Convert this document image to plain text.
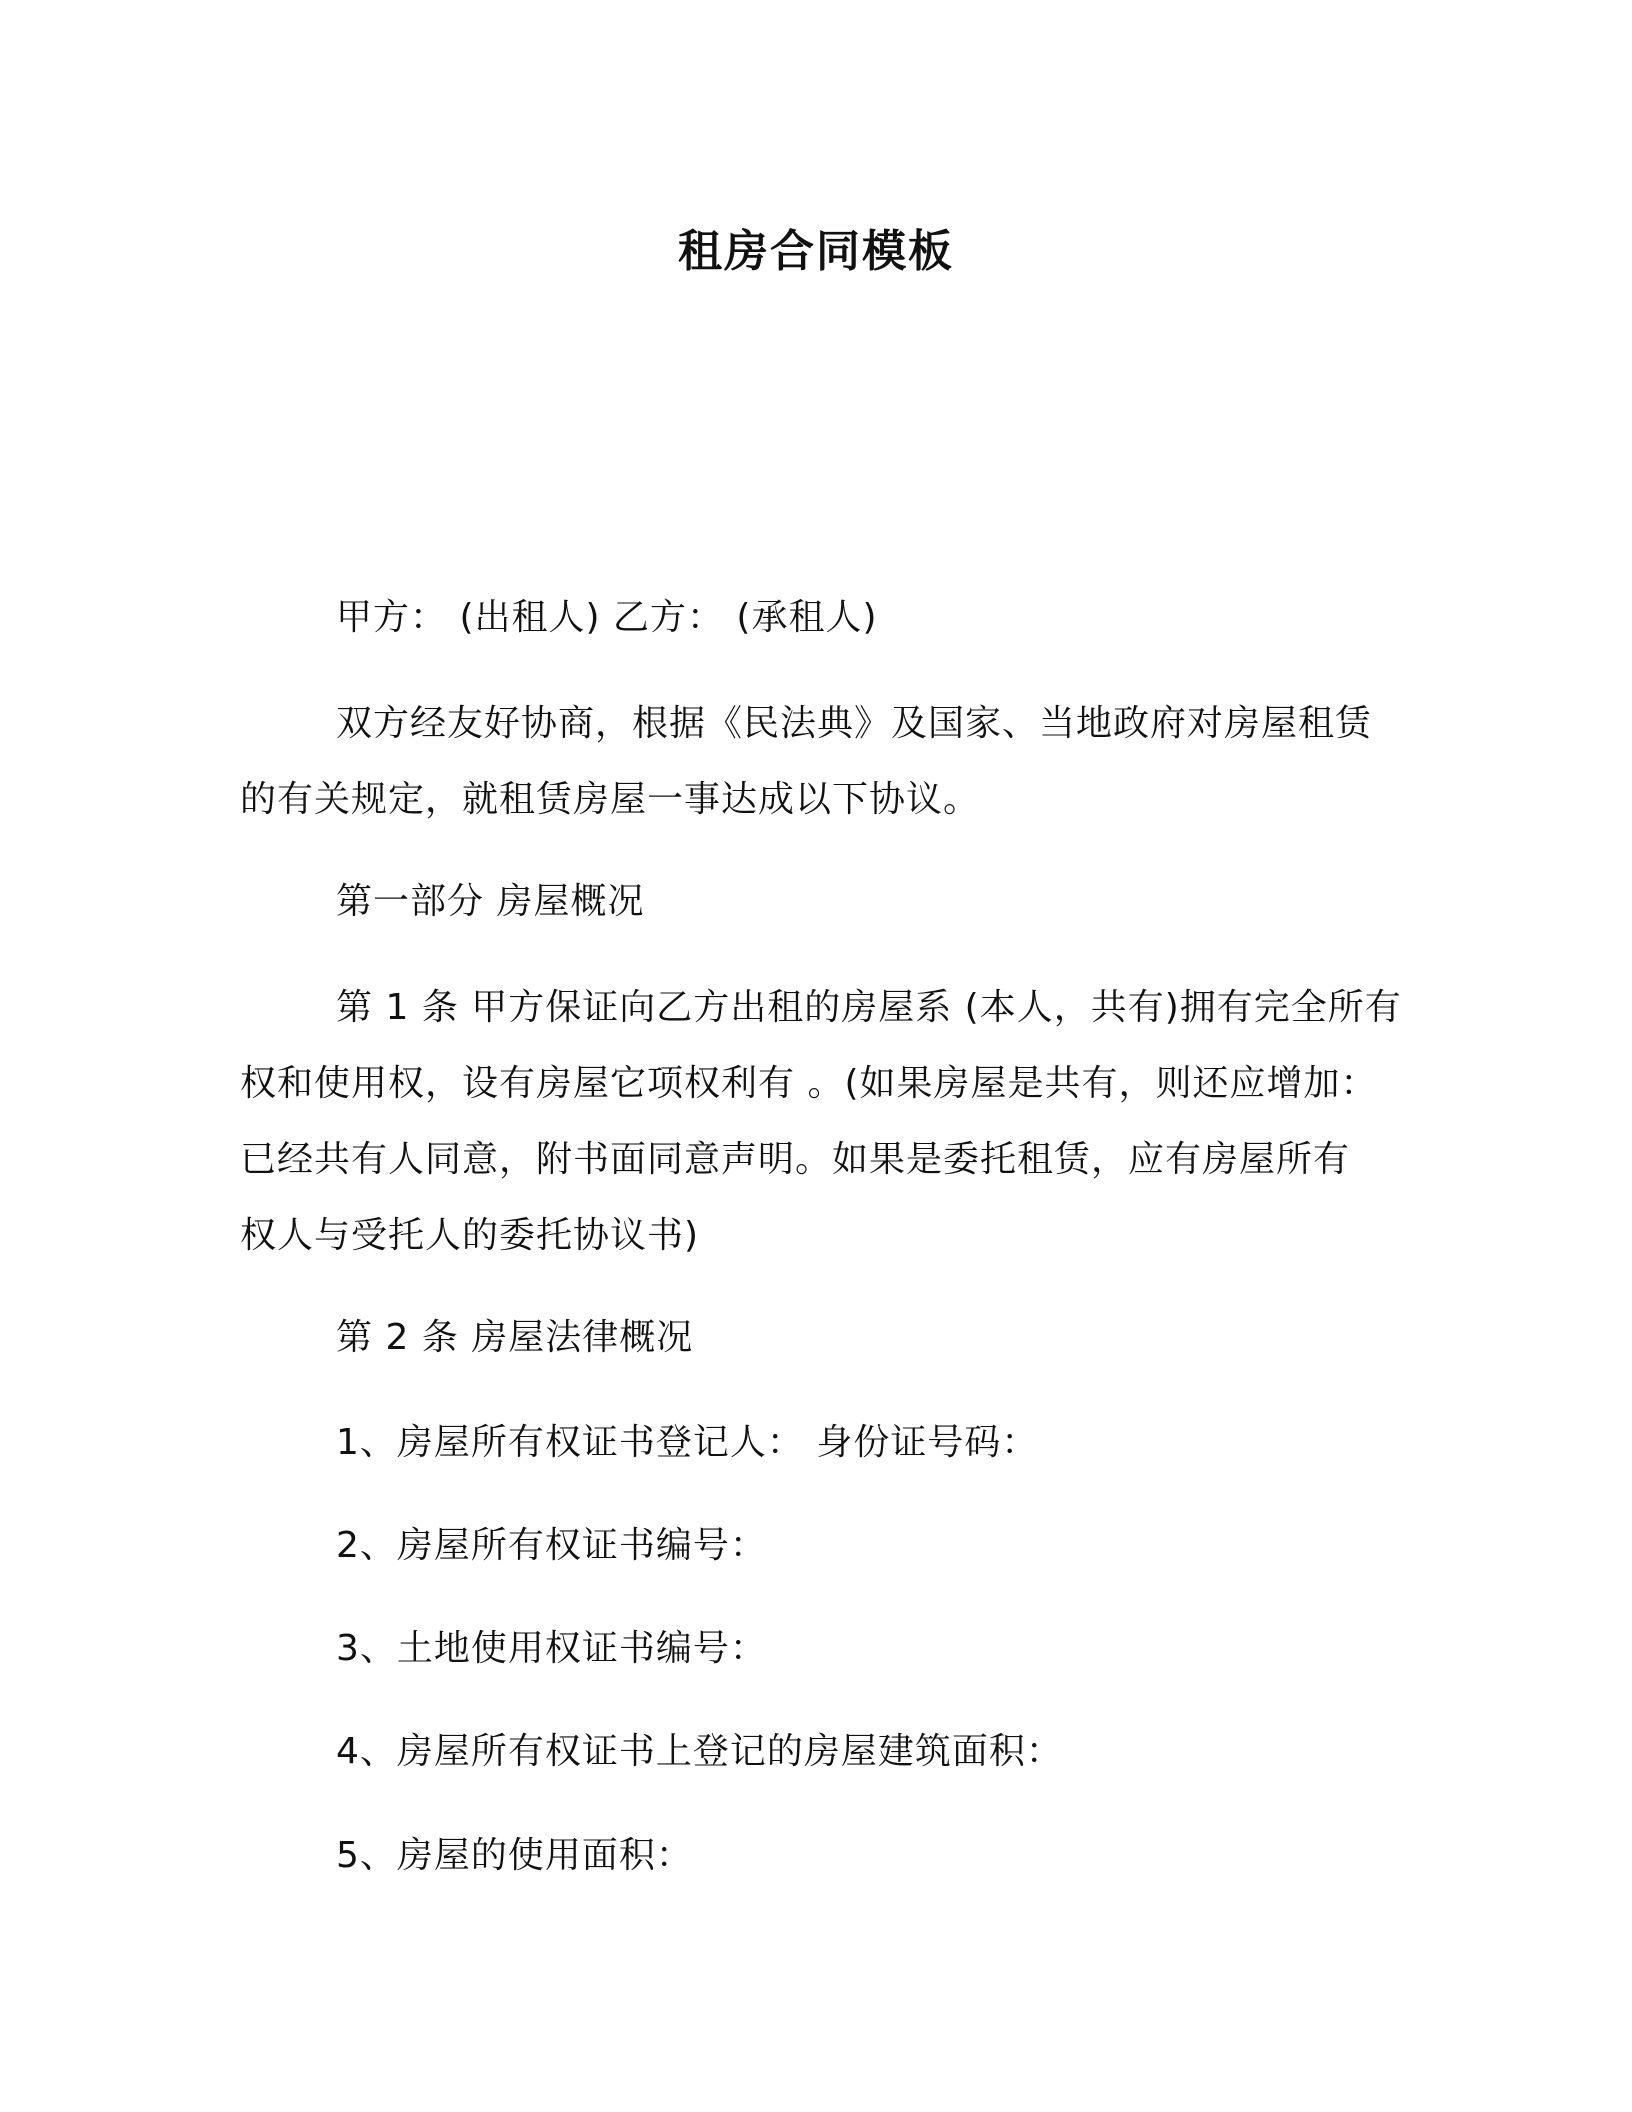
租房合同模板
甲方： (出租人) 乙方： (承租人)
双方经友好协商，根据《民法典》及国家、当地政府对房屋租赁
的有关规定，就租赁房屋一事达成以下协议。
第一部分 房屋概况
第 1 条 甲方保证向乙方出租的房屋系 (本人，共有)拥有完全所有
权和使用权，设有房屋它项权利有 。(如果房屋是共有，则还应增加：
已经共有人同意，附书面同意声明。如果是委托租赁，应有房屋所有
权人与受托人的委托协议书)
第 2 条 房屋法律概况
1、房屋所有权证书登记人： 身份证号码：
2、房屋所有权证书编号：
3、土地使用权证书编号：
4、房屋所有权证书上登记的房屋建筑面积：
5、房屋的使用面积：
